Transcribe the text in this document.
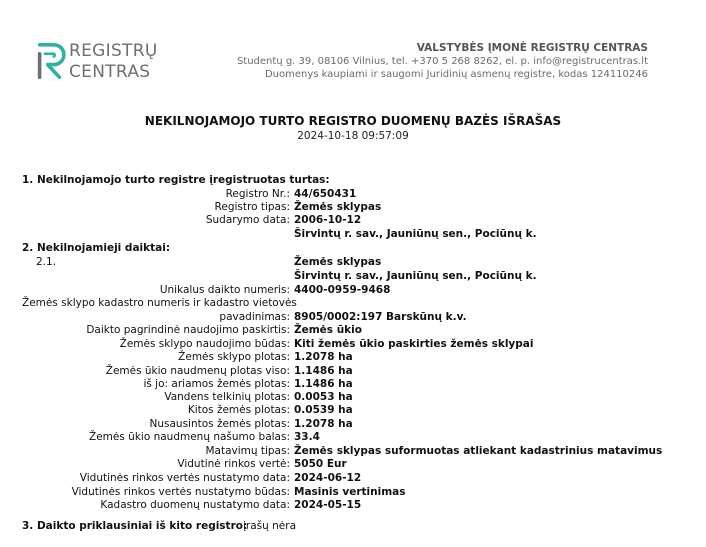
REGISTRŲ
CENTRAS
VALSTYBĖS ĮMONĖ REGISTRŲ CENTRAS
Studentų g. 39, 08106 Vilnius, tel. +370 5 268 8262, el. p. info@registrucentras.lt
Duomenys kaupiami ir saugomi Juridinių asmenų registre, kodas 124110246
NEKILNOJAMOJO TURTO REGISTRO DUOMENŲ BAZĖS IŠRAŠAS
2024-10-18 09:57:09
1. Nekilnojamojo turto registre įregistruotas turtas:
Registro Nr.: 44/650431
Registro tipas: Žemės sklypas
Sudarymo data: 2006-10-12
Širvintų r. sav., Jauniūnų sen., Pociūnų k.
2. Nekilnojamieji daiktai:
2.1.	Žemės sklypas
Širvintų r. sav., Jauniūnų sen., Pociūnų k.
Unikalus daikto numeris: 4400-0959-9468
Žemės sklypo kadastro numeris ir kadastro vietovės
pavadinimas: 8905/0002:197 Barskūnų k.v.
Daikto pagrindinė naudojimo paskirtis: Žemės ūkio
Žemės sklypo naudojimo būdas: Kiti žemės ūkio paskirties žemės sklypai
Žemės sklypo plotas: 1.2078 ha
Žemės ūkio naudmenų plotas viso: 1.1486 ha
iš jo: ariamos žemės plotas: 1.1486 ha
Vandens telkinių plotas: 0.0053 ha
Kitos žemės plotas: 0.0539 ha
Nusausintos žemės plotas: 1.2078 ha
Žemės ūkio naudmenų našumo balas: 33.4
Matavimų tipas: Žemės sklypas suformuotas atliekant kadastrinius matavimus
Vidutinė rinkos vertė: 5050 Eur
Vidutinės rinkos vertės nustatymo data: 2024-06-12
Vidutinės rinkos vertės nustatymo būdas: Masinis vertinimas
Kadastro duomenų nustatymo data: 2024-05-15
3. Daikto priklausiniai iš kito registro:
įrašų nėra
